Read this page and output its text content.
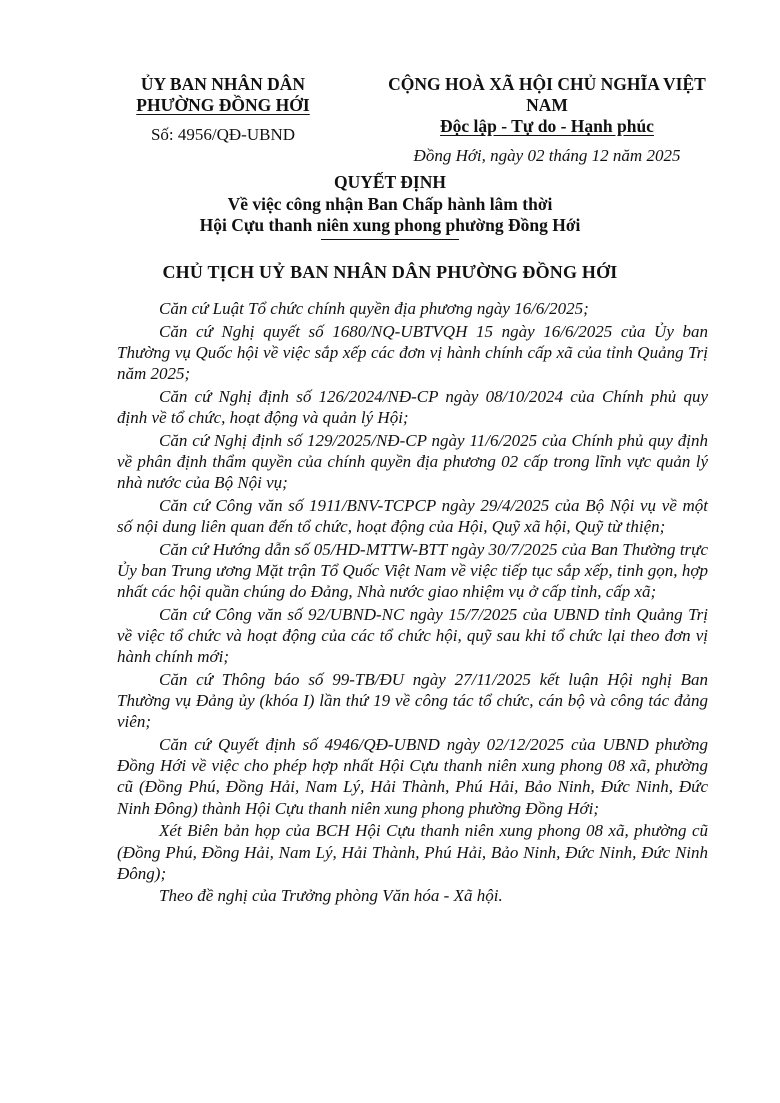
ỦY BAN NHÂN DÂN
PHƯỜNG ĐỒNG HỚI
Số: 4956/QĐ-UBND
CỘNG HOÀ XÃ HỘI CHỦ NGHĨA VIỆT NAM
Độc lập - Tự do - Hạnh phúc
Đồng Hới, ngày 02 tháng 12 năm 2025
QUYẾT ĐỊNH
Về việc công nhận Ban Chấp hành lâm thời
Hội Cựu thanh niên xung phong phường Đồng Hới
CHỦ TỊCH UỶ BAN NHÂN DÂN PHƯỜNG ĐỒNG HỚI

Căn cứ Luật Tổ chức chính quyền địa phương ngày 16/6/2025;

Căn cứ Nghị quyết số 1680/NQ-UBTVQH 15 ngày 16/6/2025 của Ủy ban Thường vụ Quốc hội về việc sắp xếp các đơn vị hành chính cấp xã của tỉnh Quảng Trị năm 2025;

Căn cứ Nghị định số 126/2024/NĐ-CP ngày 08/10/2024 của Chính phủ quy định về tổ chức, hoạt động và quản lý Hội;

Căn cứ Nghị định số 129/2025/NĐ-CP ngày 11/6/2025 của Chính phủ quy định về phân định thẩm quyền của chính quyền địa phương 02 cấp trong lĩnh vực quản lý nhà nước của Bộ Nội vụ;

Căn cứ Công văn số 1911/BNV-TCPCP ngày 29/4/2025 của Bộ Nội vụ về một số nội dung liên quan đến tổ chức, hoạt động của Hội, Quỹ xã hội, Quỹ từ thiện;

Căn cứ Hướng dẫn số 05/HD-MTTW-BTT ngày 30/7/2025 của Ban Thường trực Ủy ban Trung ương Mặt trận Tổ Quốc Việt Nam về việc tiếp tục sắp xếp, tinh gọn, hợp nhất các hội quần chúng do Đảng, Nhà nước giao nhiệm vụ ở cấp tỉnh, cấp xã;

Căn cứ Công văn số 92/UBND-NC ngày 15/7/2025 của UBND tỉnh Quảng Trị về việc tổ chức và hoạt động của các tổ chức hội, quỹ sau khi tổ chức lại theo đơn vị hành chính mới;

Căn cứ Thông báo số 99-TB/ĐU ngày 27/11/2025 kết luận Hội nghị Ban Thường vụ Đảng ủy (khóa I) lần thứ 19 về công tác tổ chức, cán bộ và công tác đảng viên;

Căn cứ Quyết định số 4946/QĐ-UBND ngày 02/12/2025 của UBND phường Đồng Hới về việc cho phép hợp nhất Hội Cựu thanh niên xung phong 08 xã, phường cũ (Đồng Phú, Đồng Hải, Nam Lý, Hải Thành, Phú Hải, Bảo Ninh, Đức Ninh, Đức Ninh Đông) thành Hội Cựu thanh niên xung phong phường Đồng Hới;

Xét Biên bản họp của BCH Hội Cựu thanh niên xung phong 08 xã, phường cũ (Đồng Phú, Đồng Hải, Nam Lý, Hải Thành, Phú Hải, Bảo Ninh, Đức Ninh, Đức Ninh Đông);

Theo đề nghị của Trưởng phòng Văn hóa - Xã hội.
